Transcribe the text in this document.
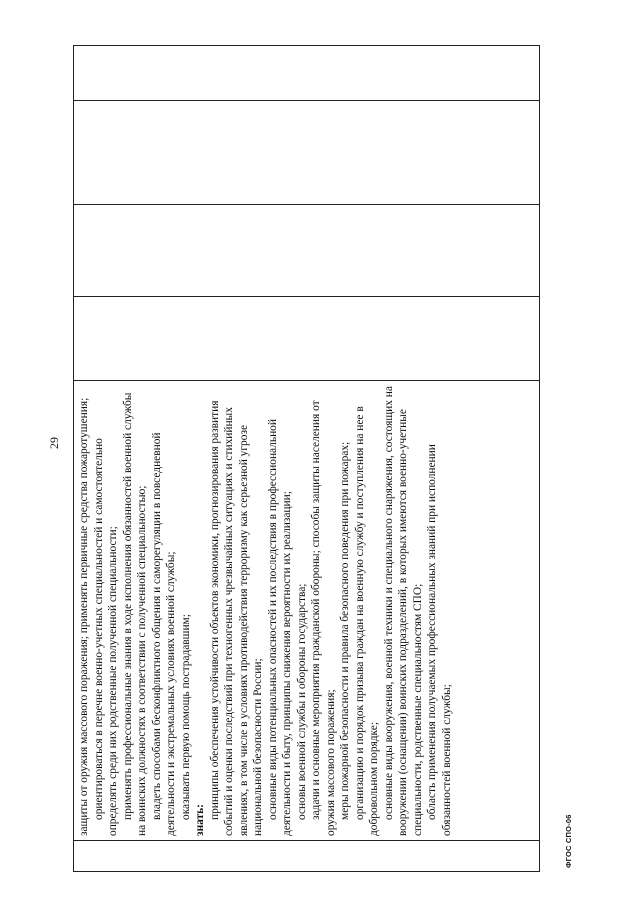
29
	защиты от оружия массового поражения; применять первичные средства пожаротушения; ориентироваться в перечне военно-учетных специальностей и самостоятельно определять среди них родственные полученной специальности; применять профессиональные знания в ходе исполнения обязанностей военной службы на воинских должностях в соответствии с полученной специальностью; владеть способами бесконфликтного общения и саморегуляции в повседневной деятельности и экстремальных условиях военной службы; оказывать первую помощь пострадавшим;

знать:

принципы обеспечения устойчивости объектов экономики, прогнозирования развития событий и оценки последствий при техногенных чрезвычайных ситуациях и стихийных явлениях, в том числе в условиях противодействия терроризму как серьезной угрозе национальной безопасности России; основные виды потенциальных опасностей и их последствия в профессиональной деятельности и быту, принципы снижения вероятности их реализации; основы военной службы и обороны государства; задачи и основные мероприятия гражданской обороны; способы защиты населения от оружия массового поражения; меры пожарной безопасности и правила безопасного поведения при пожарах; организацию и порядок призыва граждан на военную службу и поступления на нее в добровольном порядке; основные виды вооружения, военной техники и специального снаряжения, состоящих на вооружении (оснащении) воинских подразделений, в которых имеются военно-учетные специальности, родственные специальностям СПО; область применения получаемых профессиональных знаний при исполнении обязанностей военной службы;

ФГОС СПО-06
